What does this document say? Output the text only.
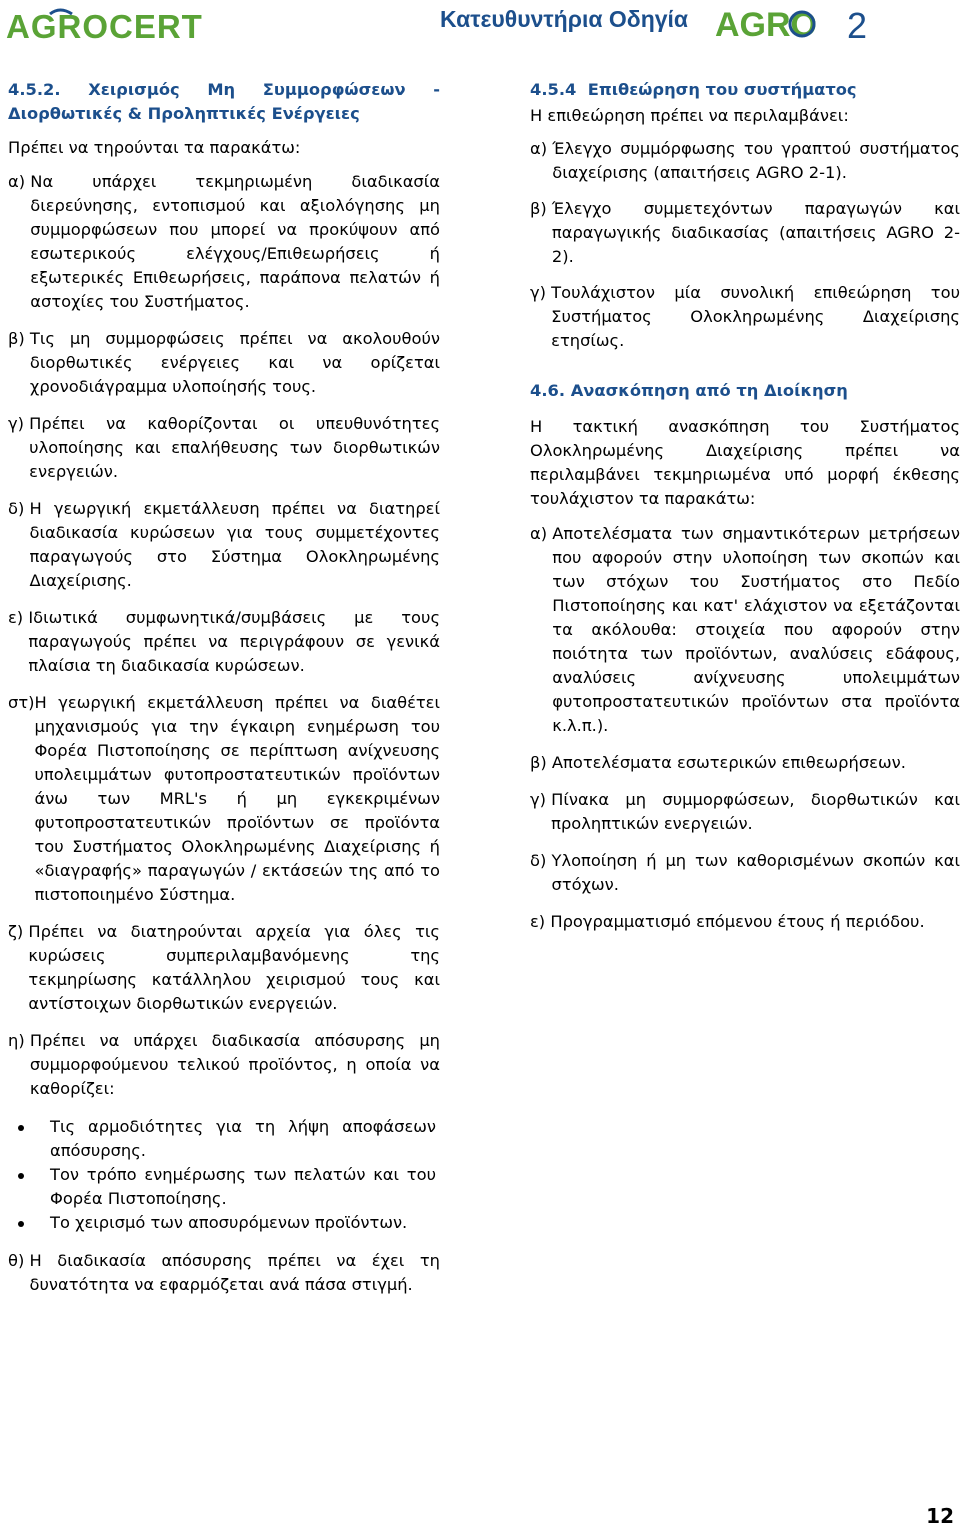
AGROCERT	Κατευθυντήρια Οδηγία AGRO 2

4.5.2. Χειρισμός Μη Συμμορφώσεων - Διορθωτικές & Προληπτικές Ενέργειες

Πρέπει να τηρούνται τα παρακάτω:

α) Να υπάρχει τεκμηριωμένη διαδικασία διερεύνησης, εντοπισμού και αξιολόγησης μη συμμορφώσεων που μπορεί να προκύψουν από εσωτερικούς ελέγχους/Επιθεωρήσεις ή εξωτερικές Επιθεωρήσεις, παράπονα πελατών ή αστοχίες του Συστήματος.
β) Τις μη συμμορφώσεις πρέπει να ακολουθούν διορθωτικές ενέργειες και να ορίζεται χρονοδιάγραμμα υλοποίησής τους.
γ) Πρέπει να καθορίζονται οι υπευθυνότητες υλοποίησης και επαλήθευσης των διορθωτικών ενεργειών.
δ) Η γεωργική εκμετάλλευση πρέπει να διατηρεί διαδικασία κυρώσεων για τους συμμετέχοντες παραγωγούς στο Σύστημα Ολοκληρωμένης Διαχείρισης.
ε) Ιδιωτικά συμφωνητικά/συμβάσεις με τους παραγωγούς πρέπει να περιγράφουν σε γενικά πλαίσια τη διαδικασία κυρώσεων.
στ) Η γεωργική εκμετάλλευση πρέπει να διαθέτει μηχανισμούς για την έγκαιρη ενημέρωση του Φορέα Πιστοποίησης σε περίπτωση ανίχνευσης υπολειμμάτων φυτοπροστατευτικών προϊόντων άνω των MRL's ή μη εγκεκριμένων φυτοπροστατευτικών προϊόντων σε προϊόντα του Συστήματος Ολοκληρωμένης Διαχείρισης ή «διαγραφής» παραγωγών / εκτάσεών της από το πιστοποιημένο Σύστημα.
ζ) Πρέπει να διατηρούνται αρχεία για όλες τις κυρώσεις συμπεριλαμβανόμενης της τεκμηρίωσης κατάλληλου χειρισμού τους και αντίστοιχων διορθωτικών ενεργειών.
η) Πρέπει να υπάρχει διαδικασία απόσυρσης μη συμμορφούμενου τελικού προϊόντος, η οποία να καθορίζει:
Τις αρμοδιότητες για τη λήψη αποφάσεων απόσυρσης.
Τον τρόπο ενημέρωσης των πελατών και του Φορέα Πιστοποίησης.
Το χειρισμό των αποσυρόμενων προϊόντων.
θ) Η διαδικασία απόσυρσης πρέπει να έχει τη δυνατότητα να εφαρμόζεται ανά πάσα στιγμή.

4.5.4  Επιθεώρηση του συστήματος

Η επιθεώρηση πρέπει να περιλαμβάνει:

α) Έλεγχο συμμόρφωσης του γραπτού συστήματος διαχείρισης (απαιτήσεις AGRO 2-1).
β) Έλεγχο συμμετεχόντων παραγωγών και παραγωγικής διαδικασίας (απαιτήσεις AGRO 2-2).
γ) Τουλάχιστον μία συνολική επιθεώρηση του Συστήματος Ολοκληρωμένης Διαχείρισης ετησίως.

4.6. Ανασκόπηση από τη Διοίκηση

Η τακτική ανασκόπηση του Συστήματος Ολοκληρωμένης Διαχείρισης πρέπει να περιλαμβάνει τεκμηριωμένα υπό μορφή έκθεσης τουλάχιστον τα παρακάτω:

α) Αποτελέσματα των σημαντικότερων μετρήσεων που αφορούν στην υλοποίηση των σκοπών και των στόχων του Συστήματος στο Πεδίο Πιστοποίησης και κατ' ελάχιστον να εξετάζονται τα ακόλουθα: στοιχεία που αφορούν στην ποιότητα των προϊόντων, αναλύσεις εδάφους, αναλύσεις ανίχνευσης υπολειμμάτων φυτοπροστατευτικών προϊόντων στα προϊόντα κ.λ.π.).
β) Αποτελέσματα εσωτερικών επιθεωρήσεων.
γ) Πίνακα μη συμμορφώσεων, διορθωτικών και προληπτικών ενεργειών.
δ) Υλοποίηση ή μη των καθορισμένων σκοπών και στόχων.
ε) Προγραμματισμό επόμενου έτους ή περιόδου.
12
